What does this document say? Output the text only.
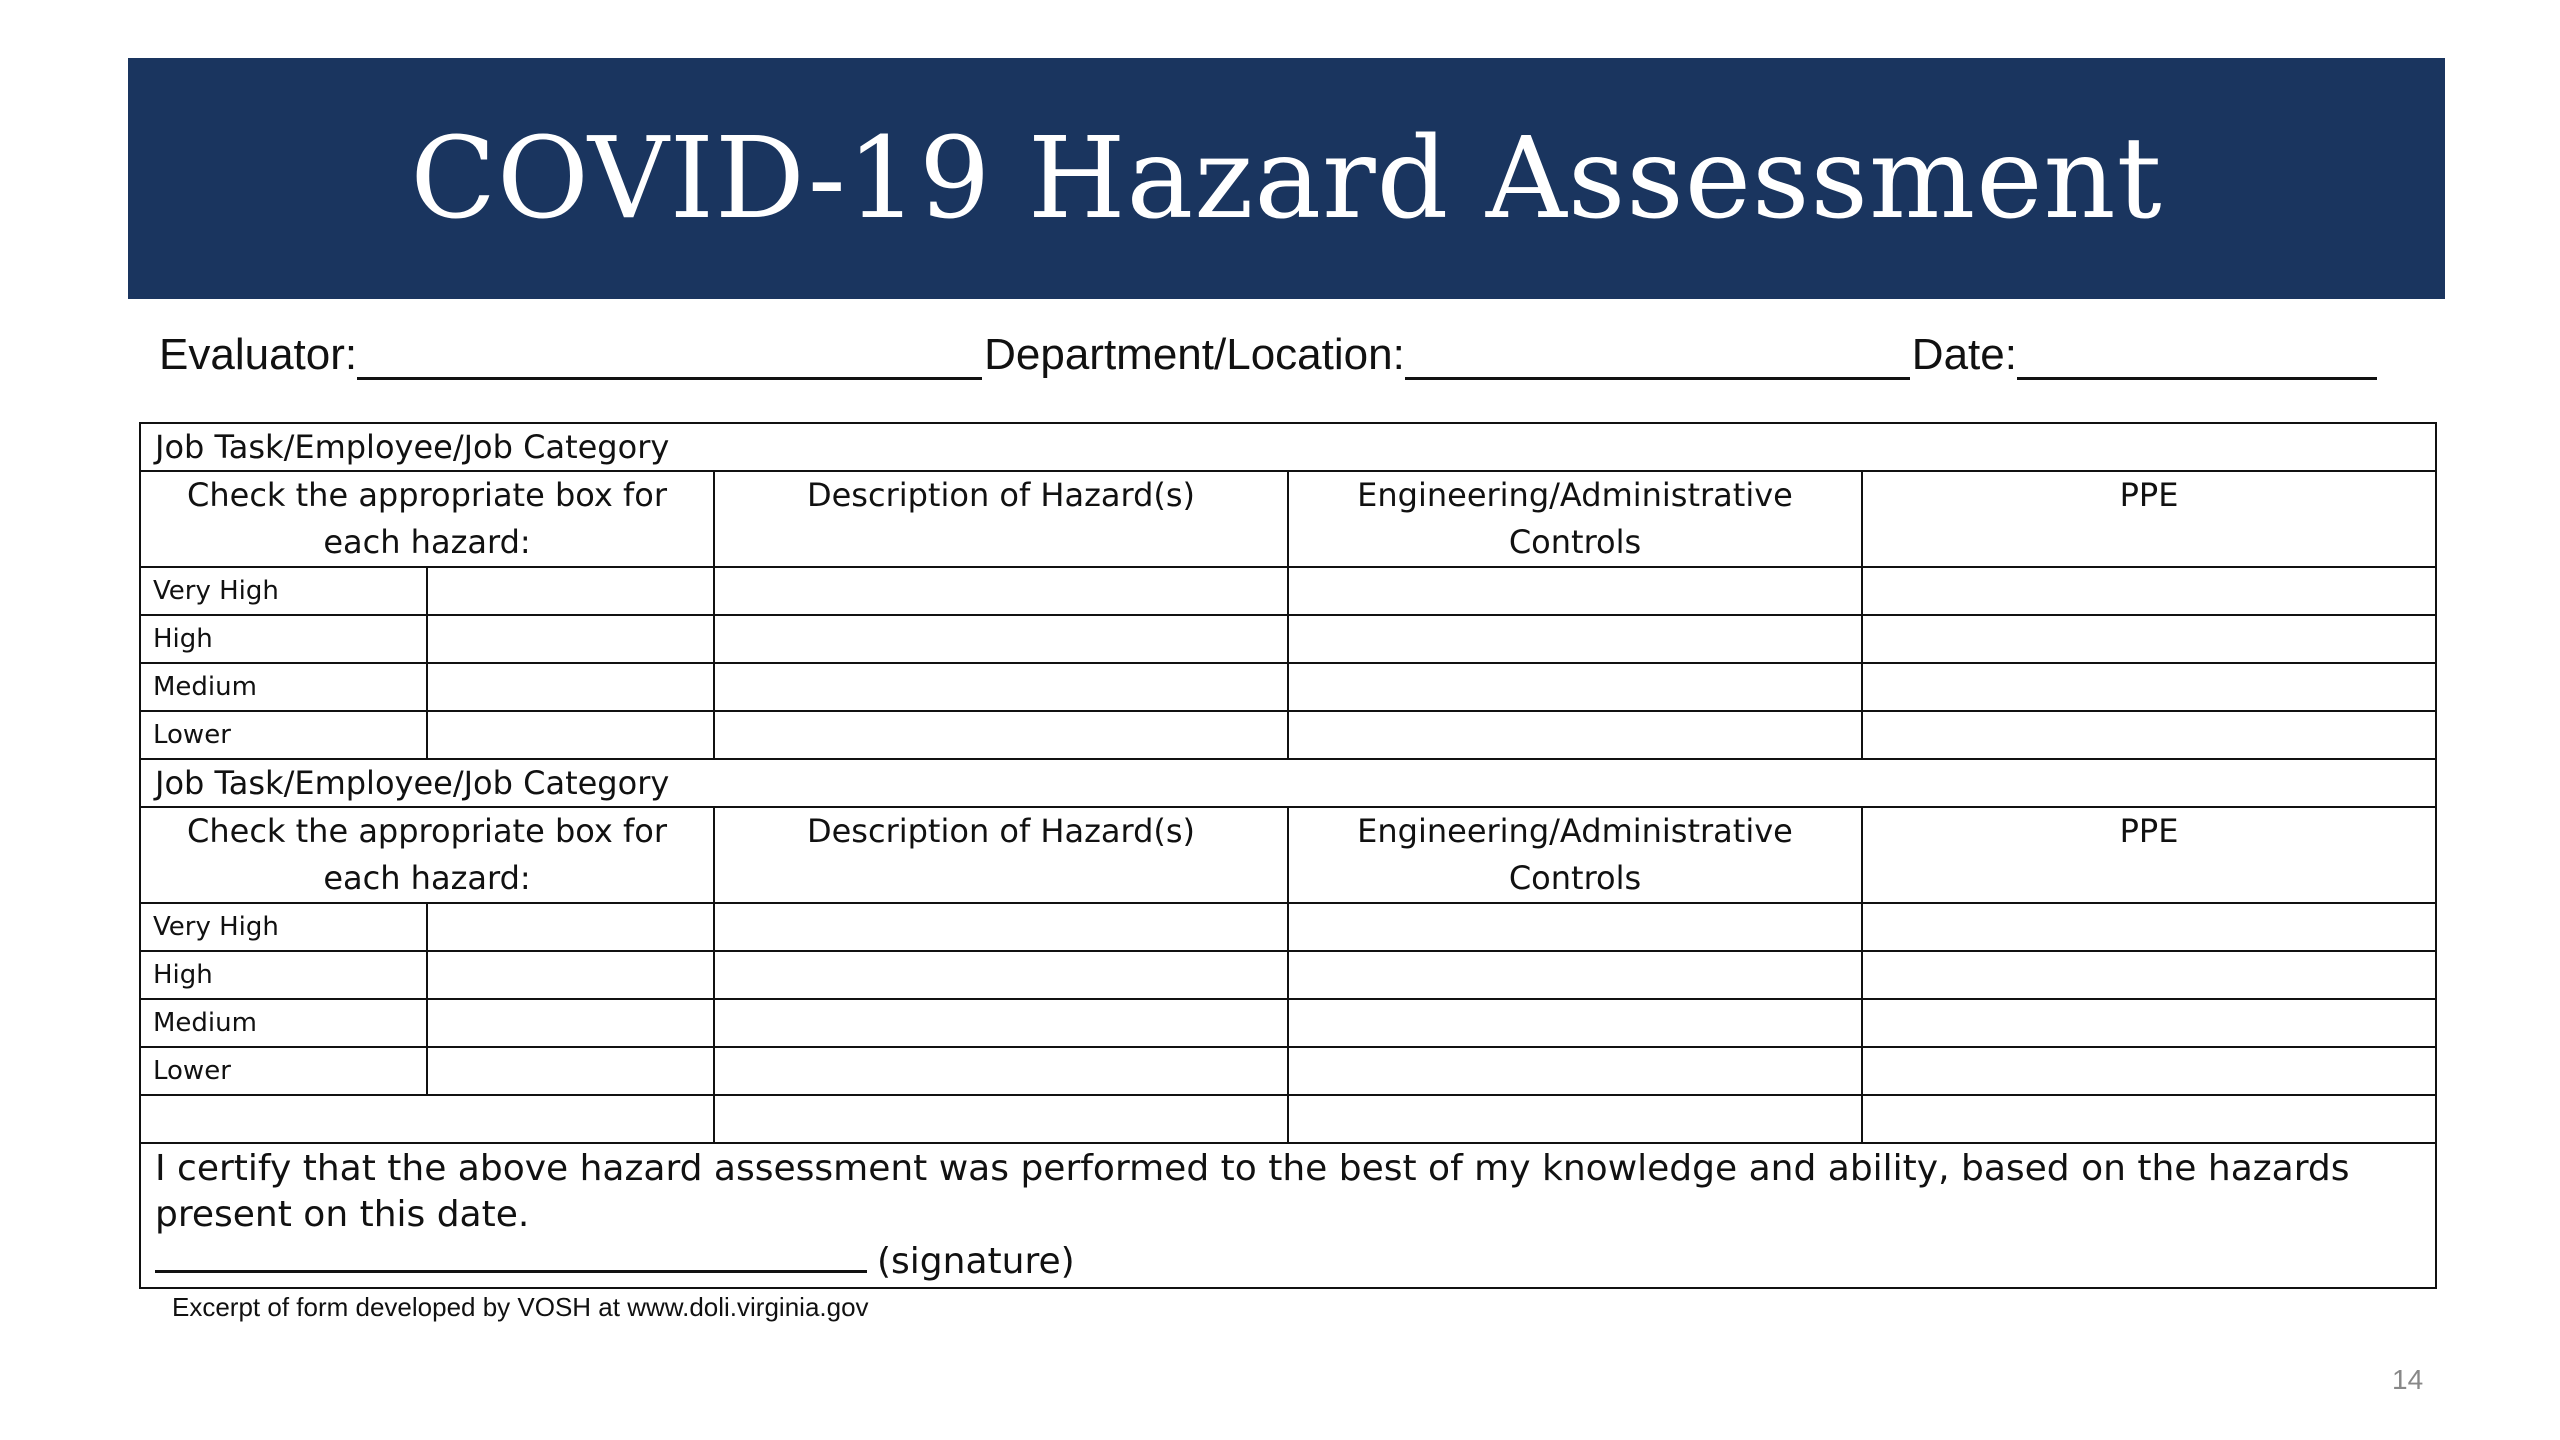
COVID-19 Hazard Assessment
Evaluator:	Department/Location:	Date:
Job Task/Employee/Job Category				
Check the appropriate box for each hazard:		Description of Hazard(s)	Engineering/Administrative Controls	PPE
Very High				
High				
Medium				
Lower				
Job Task/Employee/Job Category				
Check the appropriate box for each hazard:		Description of Hazard(s)	Engineering/Administrative Controls	PPE
Very High				
High				
Medium				
Lower				

I certify that the above hazard assessment was performed to the best of my knowledge and ability, based on the hazards present on this date.
(signature)				
Excerpt of form developed by VOSH at www.doli.virginia.gov
14
